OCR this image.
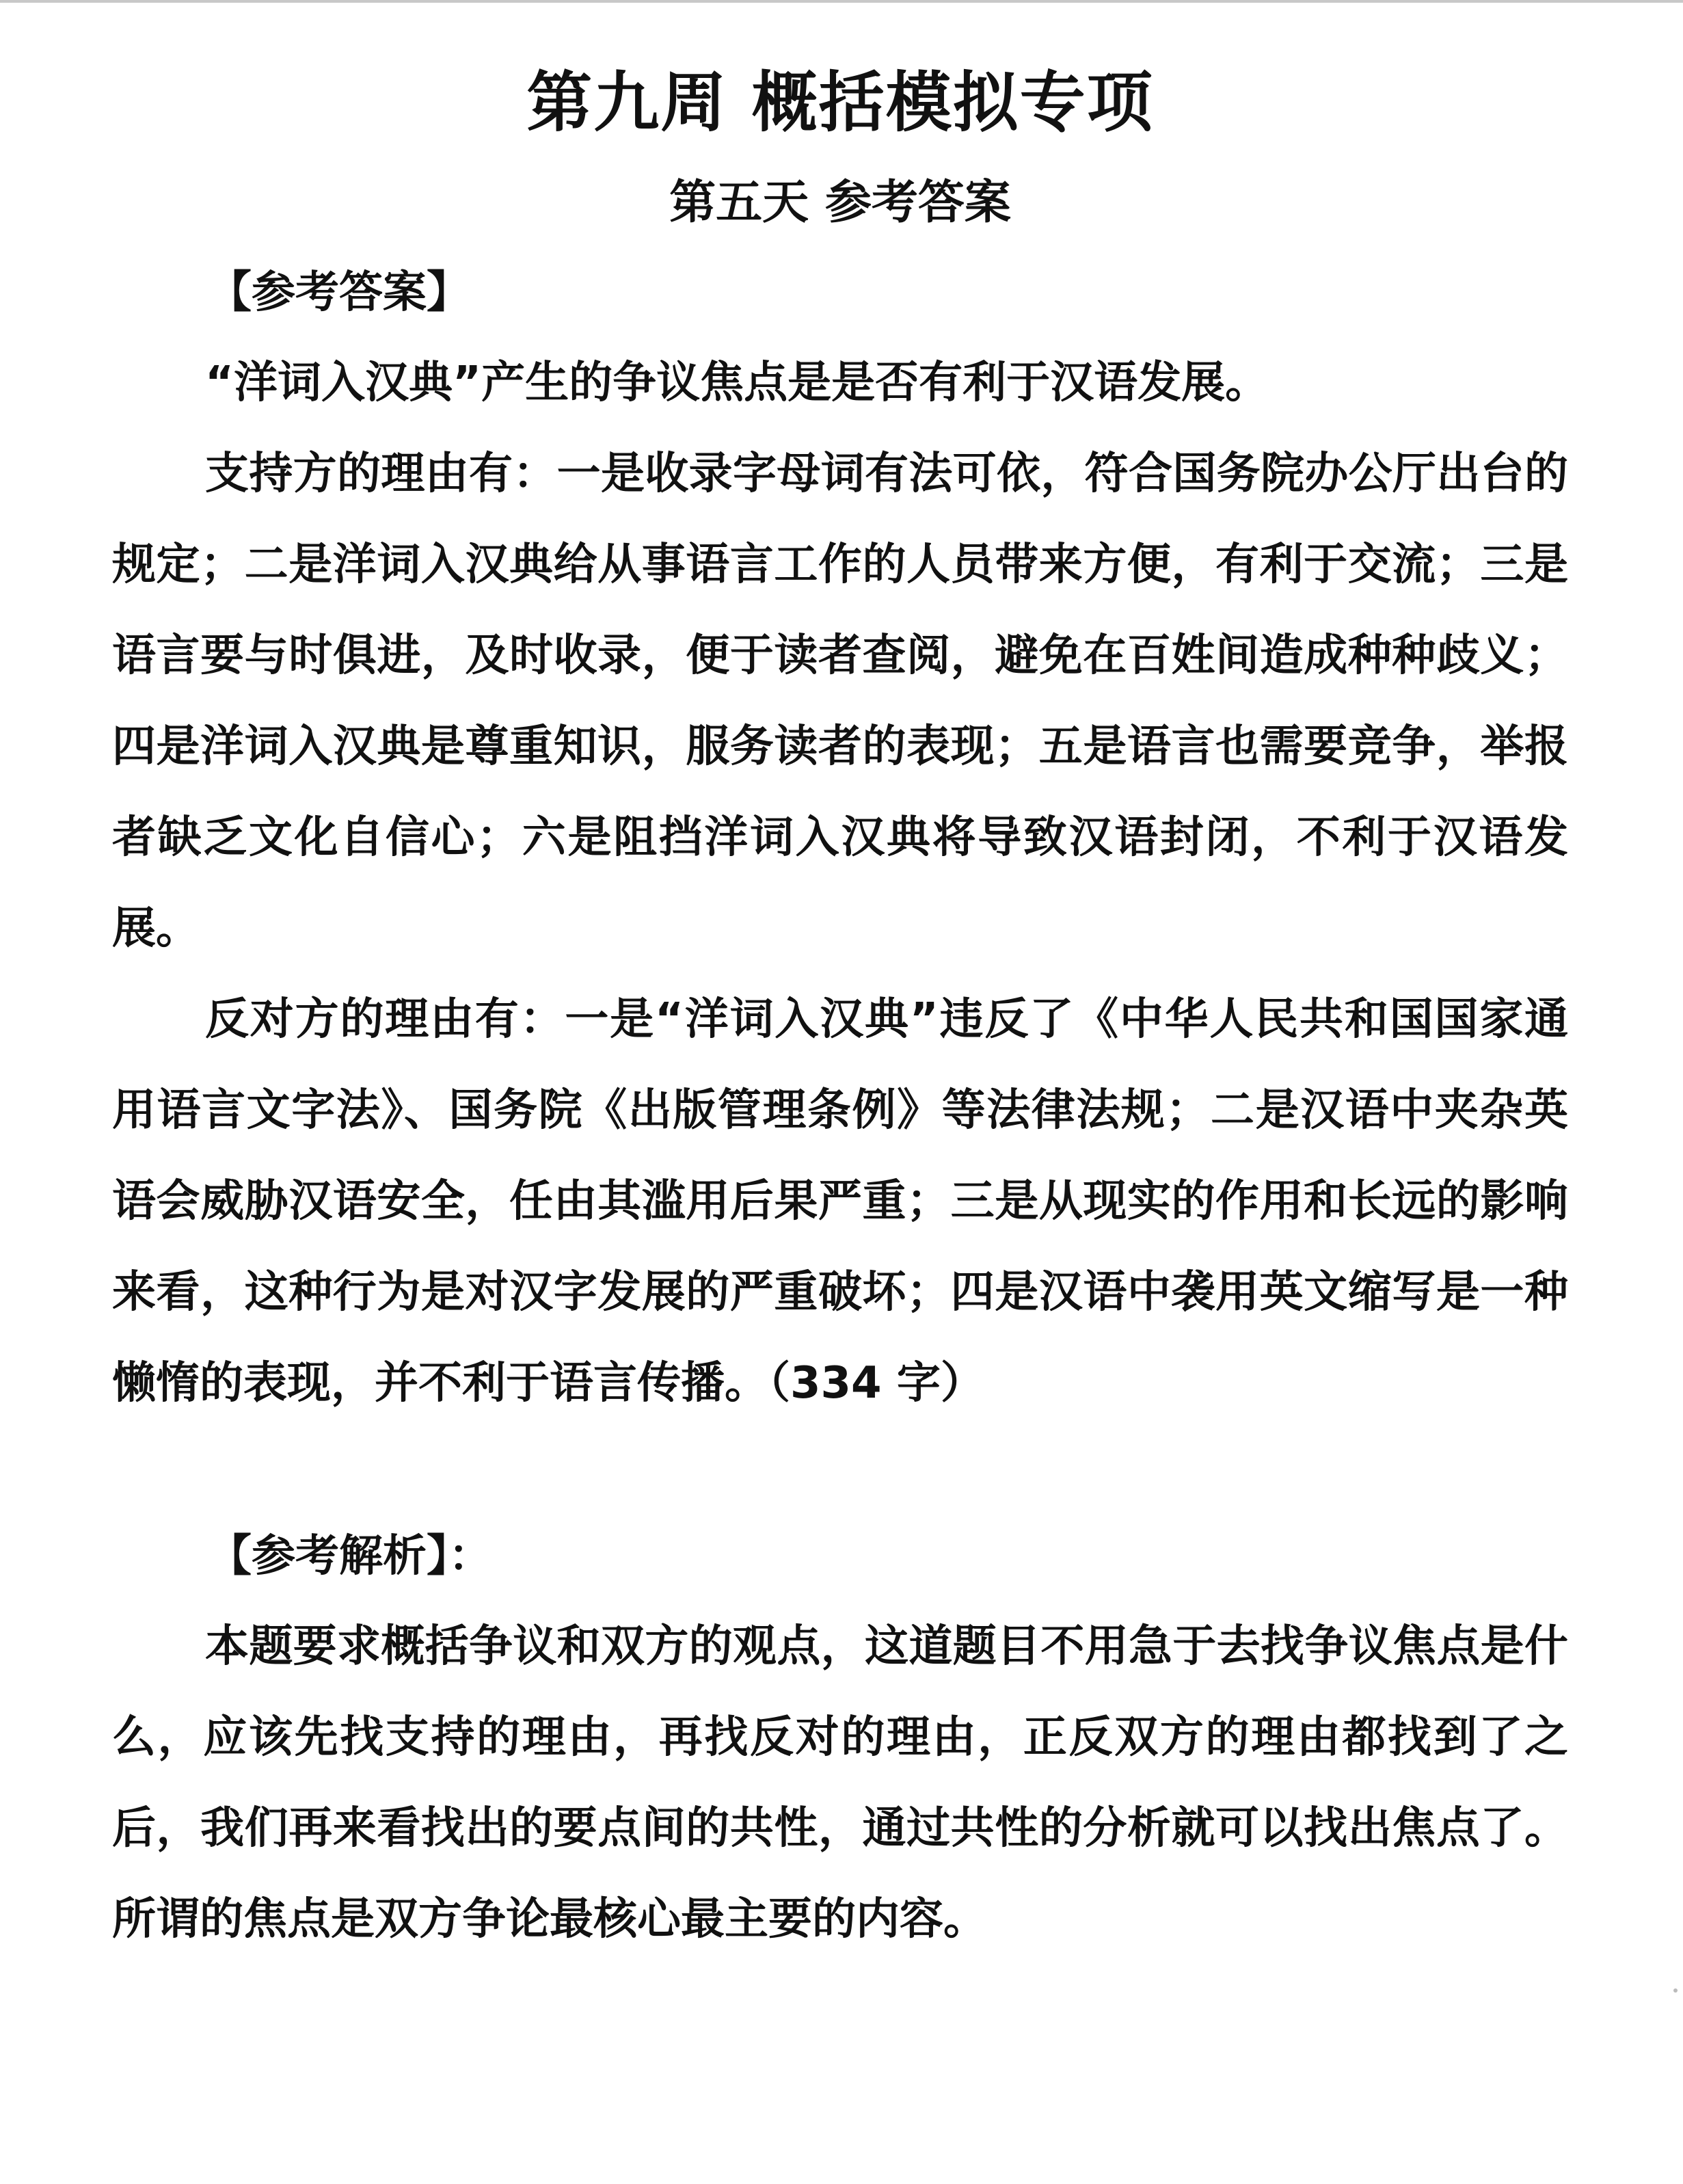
第九周 概括模拟专项
第五天 参考答案
【参考答案】

“洋词入汉典”产生的争议焦点是是否有利于汉语发展。

支持方的理由有：一是收录字母词有法可依，符合国务院办公厅出台的规定；二是洋词入汉典给从事语言工作的人员带来方便，有利于交流；三是语言要与时俱进，及时收录，便于读者查阅，避免在百姓间造成种种歧义；四是洋词入汉典是尊重知识，服务读者的表现；五是语言也需要竞争，举报者缺乏文化自信心；六是阻挡洋词入汉典将导致汉语封闭，不利于汉语发展。

反对方的理由有：一是“洋词入汉典”违反了《中华人民共和国国家通用语言文字法》、国务院《出版管理条例》等法律法规；二是汉语中夹杂英语会威胁汉语安全，任由其滥用后果严重；三是从现实的作用和长远的影响来看，这种行为是对汉字发展的严重破坏；四是汉语中袭用英文缩写是一种懒惰的表现，并不利于语言传播。（334 字）

【参考解析】：

本题要求概括争议和双方的观点，这道题目不用急于去找争议焦点是什么，应该先找支持的理由，再找反对的理由，正反双方的理由都找到了之后，我们再来看找出的要点间的共性，通过共性的分析就可以找出焦点了。所谓的焦点是双方争论最核心最主要的内容。
